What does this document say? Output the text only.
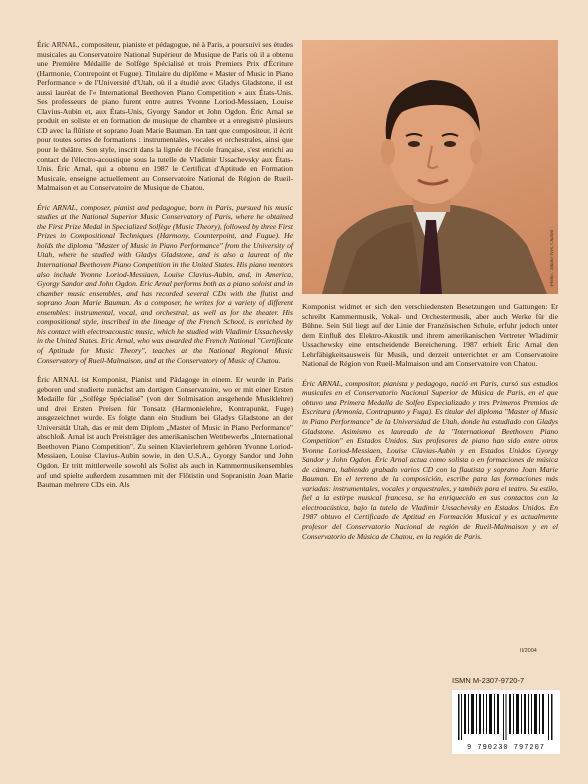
Éric ARNAL, compositeur, pianiste et pédagogue, né à Paris, a poursuivi ses études musicales au Conservatoire National Supérieur de Musique de Paris où il a obtenu une Première Médaille de Solfège Spécialisé et trois Premiers Prix d'Écriture (Harmonie, Contrepoint et Fugue). Titulaire du diplôme « Master of Music in Piano Performance » de l'Université d'Utah, où il a étudié avec Gladys Gladstone, il est aussi lauréat de l'« International Beethoven Piano Competition » aux États-Unis. Ses professeurs de piano furent entre autres Yvonne Loriod-Messiaen, Louise Clavius-Aubin et, aux États-Unis, Gyorgy Sandor et John Ogdon. Éric Arnal se produit en soliste et en formation de musique de chambre et a enregistré plusieurs CD avec la flûtiste et soprano Joan Marie Bauman. En tant que compositeur, il écrit pour toutes sortes de formations : instrumentales, vocales et orchestrales, ainsi que pour le théâtre. Son style, inscrit dans la lignée de l'école française, s'est enrichi au contact de l'électro-acoustique sous la tutelle de Vladimir Ussachevsky aux États-Unis. Éric Arnal, qui a obtenu en 1987 le Certificat d'Aptitude en Formation Musicale, enseigne actuellement au Conservatoire National de Région de Rueil-Malmaison et au Conservatoire de Musique de Chatou.

Éric ARNAL, composer, pianist and pedagogue, born in Paris, pursued his music studies at the National Superior Music Conservatory of Paris, where he obtained the First Prize Medal in Specialized Solfège (Music Theory), followed by three First Prizes in Compositional Techniques (Harmony, Counterpoint, and Fugue). He holds the diploma "Master of Music in Piano Performance" from the University of Utah, where he studied with Gladys Gladstone, and is also a laureat of the International Beethoven Piano Competition in the United States. His piano mentors also include Yvonne Loriod-Messiaen, Louise Clavius-Aubin, and, in America, Gyorgy Sandor and John Ogdon. Eric Arnal performs both as a piano soloist and in chamber music ensembles, and has recorded several CDs with the flutist and soprano Joan Marie Bauman. As a composer, he writes for a variety of different ensembles: instrumental, vocal, and orchestral, as well as for the theater. His compositional style, inscribed in the lineage of the French School, is enriched by his contact with electroacoustic music, which he studied with Vladimir Ussachevsky in the United States. Eric Arnal, who was awarded the French National "Certificate of Aptitude for Music Theory", teaches at the National Regional Music Conservatory of Rueil-Malmaison, and at the Conservatory of Music of Chatou.

Éric ARNAL ist Komponist, Pianist und Pädagoge in einem. Er wurde in Paris geboren und studierte zunächst am dortigen Conservatoire, wo er mit einer Ersten Medaille für „Solfège Spécialisé" (von der Solmisation ausgehende Musiklehre) und drei Ersten Preisen für Tonsatz (Harmonielehre, Kontrapunkt, Fuge) ausgezeichnet wurde. Es folgte dann ein Studium bei Gladys Gladstone an der Universität Utah, das er mit dem Diplom „Master of Music in Piano Performance" abschloß. Arnal ist auch Preisträger des amerikanischen Wettbewerbs „International Beethoven Piano Competition". Zu seinen Klavierlehrern gehören Yvonne Loriod-Messiaen, Louise Clavius-Aubin sowie, in den U.S.A., Gyorgy Sandor und John Ogdon. Er tritt mittlerweile sowohl als Solist als auch in Kammermusikensembles auf und spielte außerdem zusammen mit der Flötistin und Sopranistin Joan Marie Bauman mehrere CDs ein. Als

Photo : Studio Yves, Chatou

Komponist widmet er sich den verschiedensten Besetzungen und Gattungen: Er schreibt Kammermusik, Vokal- und Orchestermusik, aber auch Werke für die Bühne. Sein Stil liegt auf der Linie der Französischen Schule, erfuhr jedoch unter dem Einfluß des Elektro-Akustik und ihrem amerikanischen Vertreter Wladimir Ussachewsky eine entscheidende Bereicherung. 1987 erhielt Éric Arnal den Lehrfähigkeitsausweis für Musik, und derzeit unterrichtet er am Conservatoire National de Région von Rueil-Malmaison und am Conservatoire von Chatou.

Éric ARNAL, compositor, pianista y pedagogo, nació en Paris, cursó sus estudios musicales en el Conservatorio Nacional Superior de Música de Paris, en el que obtuvo una Primera Medalla de Solfeo Especializado y tres Primeros Premios de Escritura (Armonía, Contrapunto y Fuga). Es titular del diploma "Master of Music in Piano Performance" de la Universidad de Utah, donde ha estudiado con Gladys Gladstone. Asimismo es laureado de la "International Beethoven Piano Competition" en Estados Unidos. Sus profesores de piano han sido entre otros Yvonne Loriod-Messiaen, Louise Clavius-Aubin y en Estados Unidos Gyorgy Sandor y John Ogdon. Éric Arnal actua como solista o en formaciones de música de cámara, habiendo grabado varios CD con la flautista y soprano Joan Marie Bauman. En el terreno de la composición, escribe para las formaciones más variadas: instrumentales, vocales y orquestrales, y también para el teatro. Su estilo, fiel a la estirpe musical francesa, se ha enriquecido en sus contactos con la electroacústica, bajo la tutela de Vladimir Ussachevsky en Estados Unidos. En 1987 obtuvo el Certificado de Aptitud en Formación Musical y es actualmente profesor del Conservatorio Nacional de región de Rueil-Malmaison y en el Conservatorio de Música de Chatou, en la región de Paris.

II/2004
ISMN M-2307-9720-7
9 790230 797207
